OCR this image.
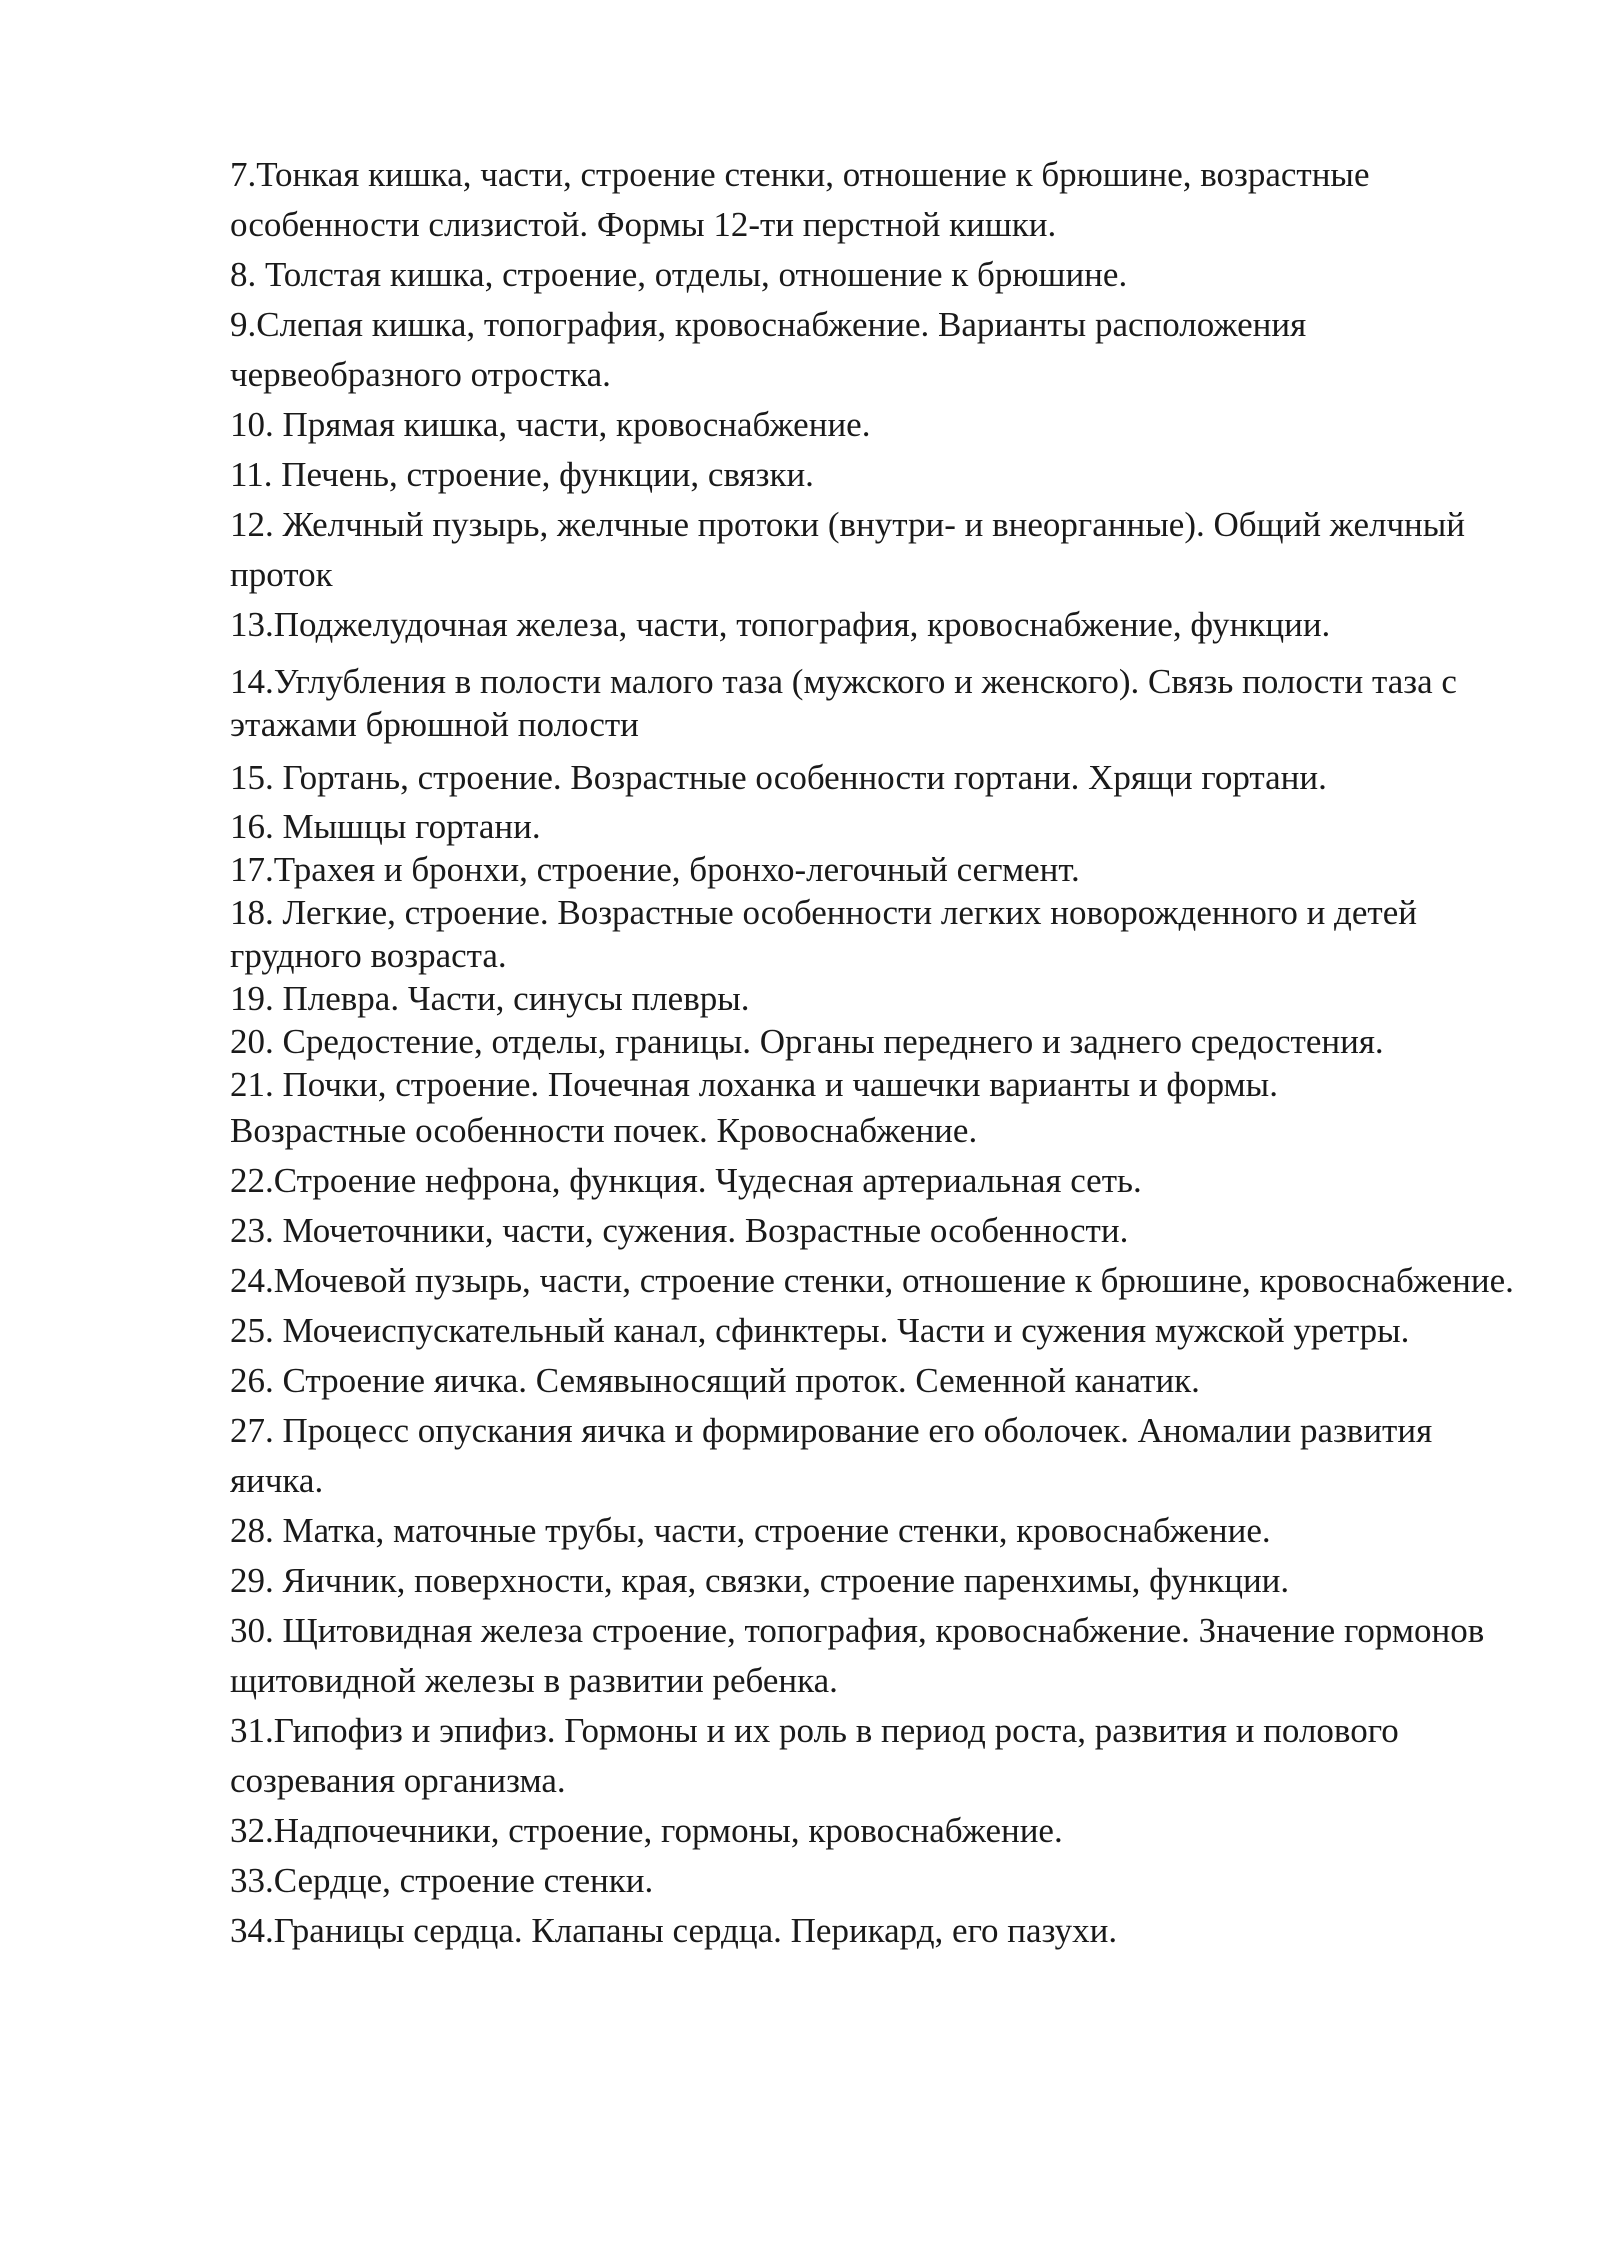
7.Тонкая кишка, части, строение стенки, отношение к брюшине, возрастные особенности слизистой. Формы 12-ти перстной кишки.

8. Толстая кишка, строение, отделы, отношение к брюшине.

9.Слепая кишка, топография, кровоснабжение. Варианты расположения червеобразного отростка.

10. Прямая кишка, части, кровоснабжение.

11. Печень, строение, функции, связки.

12. Желчный пузырь, желчные протоки (внутри- и внеорганные). Общий желчный проток

13.Поджелудочная железа, части, топография, кровоснабжение, функции.

14.Углубления в полости малого таза (мужского и женского). Связь полости таза с этажами брюшной полости

15. Гортань, строение. Возрастные особенности гортани. Хрящи гортани.

16. Мышцы гортани.

17.Трахея и бронхи, строение, бронхо-легочный сегмент.

18. Легкие, строение. Возрастные особенности легких новорожденного и детей грудного возраста.

19. Плевра. Части, синусы плевры.

20. Средостение, отделы, границы. Органы переднего и заднего средостения.

21. Почки, строение. Почечная лоханка и чашечки варианты и формы.

Возрастные особенности почек. Кровоснабжение.

22.Строение нефрона, функция. Чудесная артериальная сеть.

23. Мочеточники, части, сужения. Возрастные особенности.

24.Мочевой пузырь, части, строение стенки, отношение к брюшине, кровоснабжение.

25. Мочеиспускательный канал, сфинктеры. Части и сужения мужской уретры.

26. Строение яичка. Семявыносящий проток. Семенной канатик.

27. Процесс опускания яичка и формирование его оболочек. Аномалии развития яичка.

28. Матка, маточные трубы, части, строение стенки, кровоснабжение.

29. Яичник, поверхности, края, связки, строение паренхимы, функции.

30. Щитовидная железа строение, топография, кровоснабжение. Значение гормонов щитовидной железы в развитии ребенка.

31.Гипофиз и эпифиз. Гормоны и их роль в период роста, развития и полового созревания организма.

32.Надпочечники, строение, гормоны, кровоснабжение.

33.Сердце, строение стенки.

34.Границы сердца. Клапаны сердца. Перикард, его пазухи.
